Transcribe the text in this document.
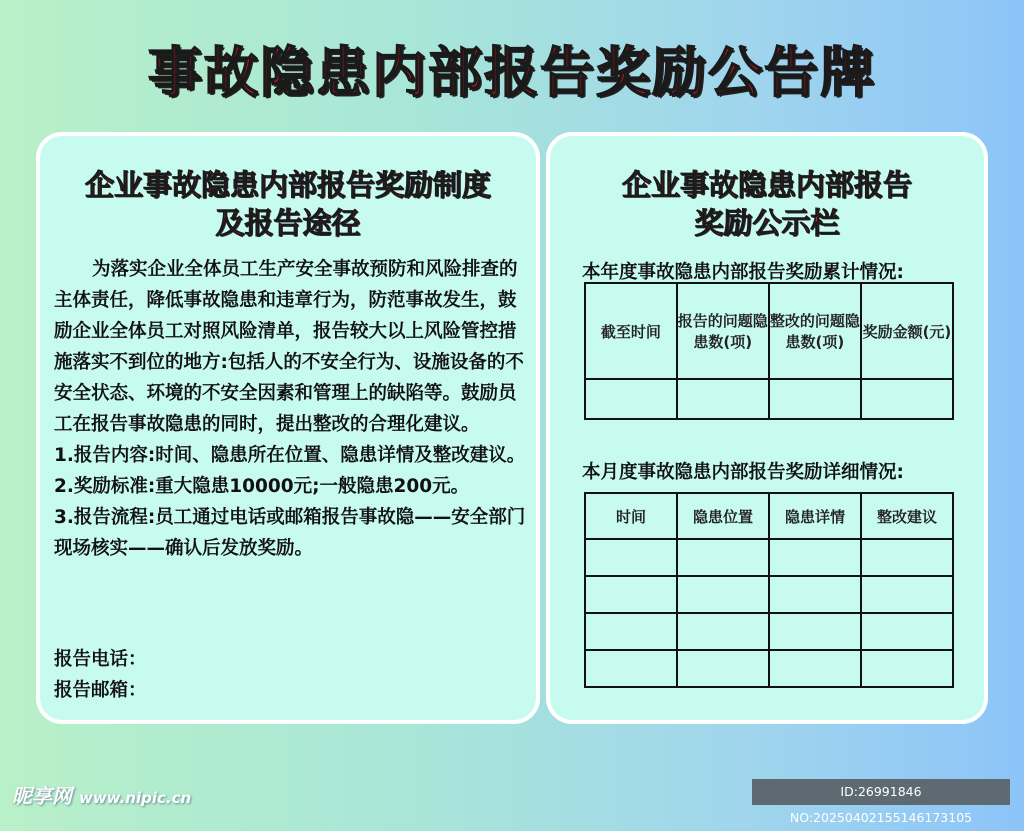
事故隐患内部报告奖励公告牌
企业事故隐患内部报告奖励制度
及报告途径

为落实企业全体员工生产安全事故预防和风险排查的主体责任，降低事故隐患和违章行为，防范事故发生，鼓励企业全体员工对照风险清单，报告较大以上风险管控措施落实不到位的地方:包括人的不安全行为、设施设备的不安全状态、环境的不安全因素和管理上的缺陷等。鼓励员工在报告事故隐患的同时，提出整改的合理化建议。

1.报告内容:时间、隐患所在位置、隐患详情及整改建议。

2.奖励标准:重大隐患10000元;一般隐患200元。

3.报告流程:员工通过电话或邮箱报告事故隐——安全部门现场核实——确认后发放奖励。

报告电话：
报告邮箱：
企业事故隐患内部报告
奖励公示栏
本年度事故隐患内部报告奖励累计情况:
截至时间	报告的问题隐患数(项)	整改的问题隐患数(项)	奖励金额(元)

本月度事故隐患内部报告奖励详细情况:
时间	隐患位置	隐患详情	整改建议

昵享网 www.nipic.cn	ID:26991846 NO:20250402155146173105
